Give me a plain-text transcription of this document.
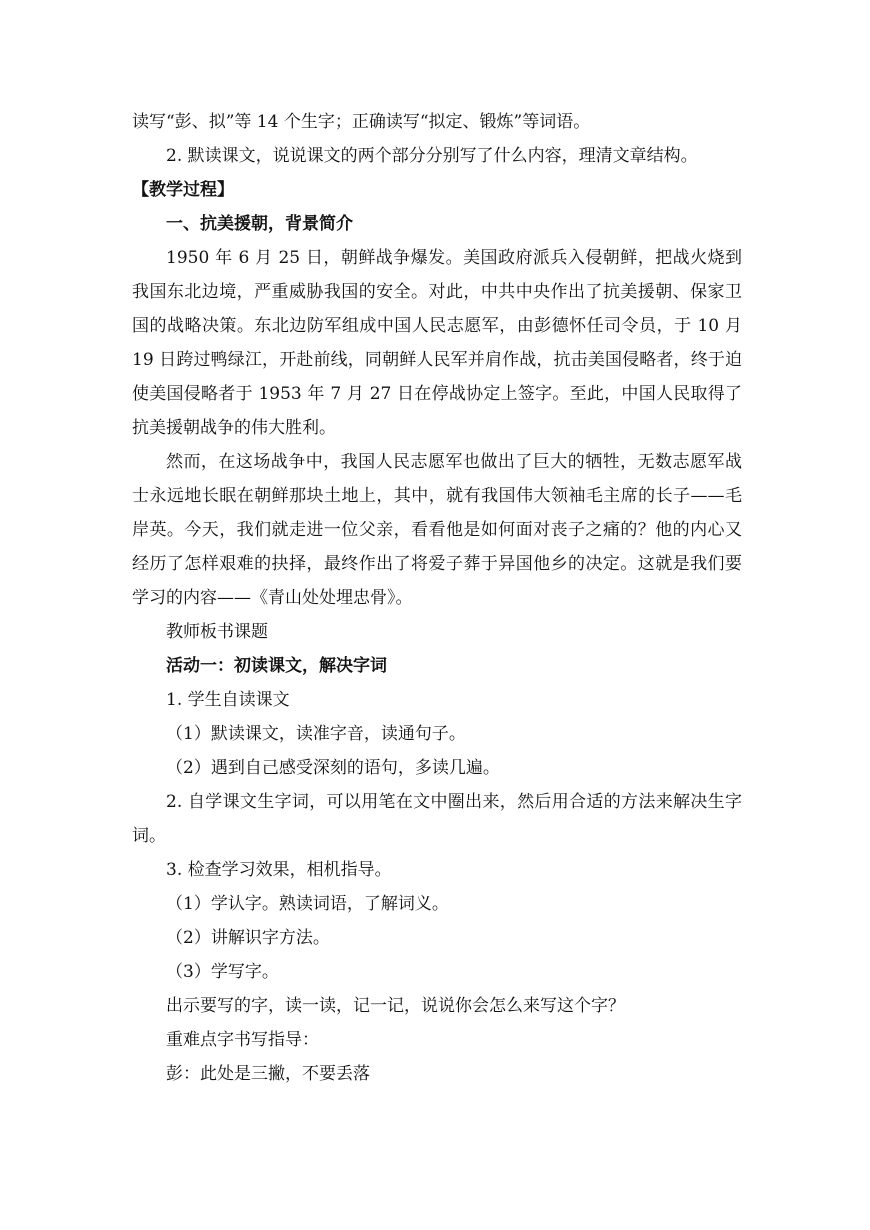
读写“彭、拟”等 14 个生字；正确读写“拟定、锻炼”等词语。

2. 默读课文，说说课文的两个部分分别写了什么内容，理清文章结构。

【教学过程】

一、抗美援朝，背景简介

1950 年 6 月 25 日，朝鲜战争爆发。美国政府派兵入侵朝鲜，把战火烧到我国东北边境，严重威胁我国的安全。对此，中共中央作出了抗美援朝、保家卫国的战略决策。东北边防军组成中国人民志愿军，由彭德怀任司令员，于 10 月 19 日跨过鸭绿江，开赴前线，同朝鲜人民军并肩作战，抗击美国侵略者，终于迫使美国侵略者于 1953 年 7 月 27 日在停战协定上签字。至此，中国人民取得了抗美援朝战争的伟大胜利。

然而，在这场战争中，我国人民志愿军也做出了巨大的牺牲，无数志愿军战士永远地长眠在朝鲜那块土地上，其中，就有我国伟大领袖毛主席的长子——毛岸英。今天，我们就走进一位父亲，看看他是如何面对丧子之痛的？他的内心又经历了怎样艰难的抉择，最终作出了将爱子葬于异国他乡的决定。这就是我们要学习的内容——《青山处处埋忠骨》。

教师板书课题

活动一：初读课文，解决字词

1. 学生自读课文

（1）默读课文，读准字音，读通句子。

（2）遇到自己感受深刻的语句，多读几遍。

2. 自学课文生字词，可以用笔在文中圈出来，然后用合适的方法来解决生字词。

3. 检查学习效果，相机指导。

（1）学认字。熟读词语，了解词义。

（2）讲解识字方法。

（3）学写字。

出示要写的字，读一读，记一记，说说你会怎么来写这个字？

重难点字书写指导：

彭：此处是三撇，不要丢落
